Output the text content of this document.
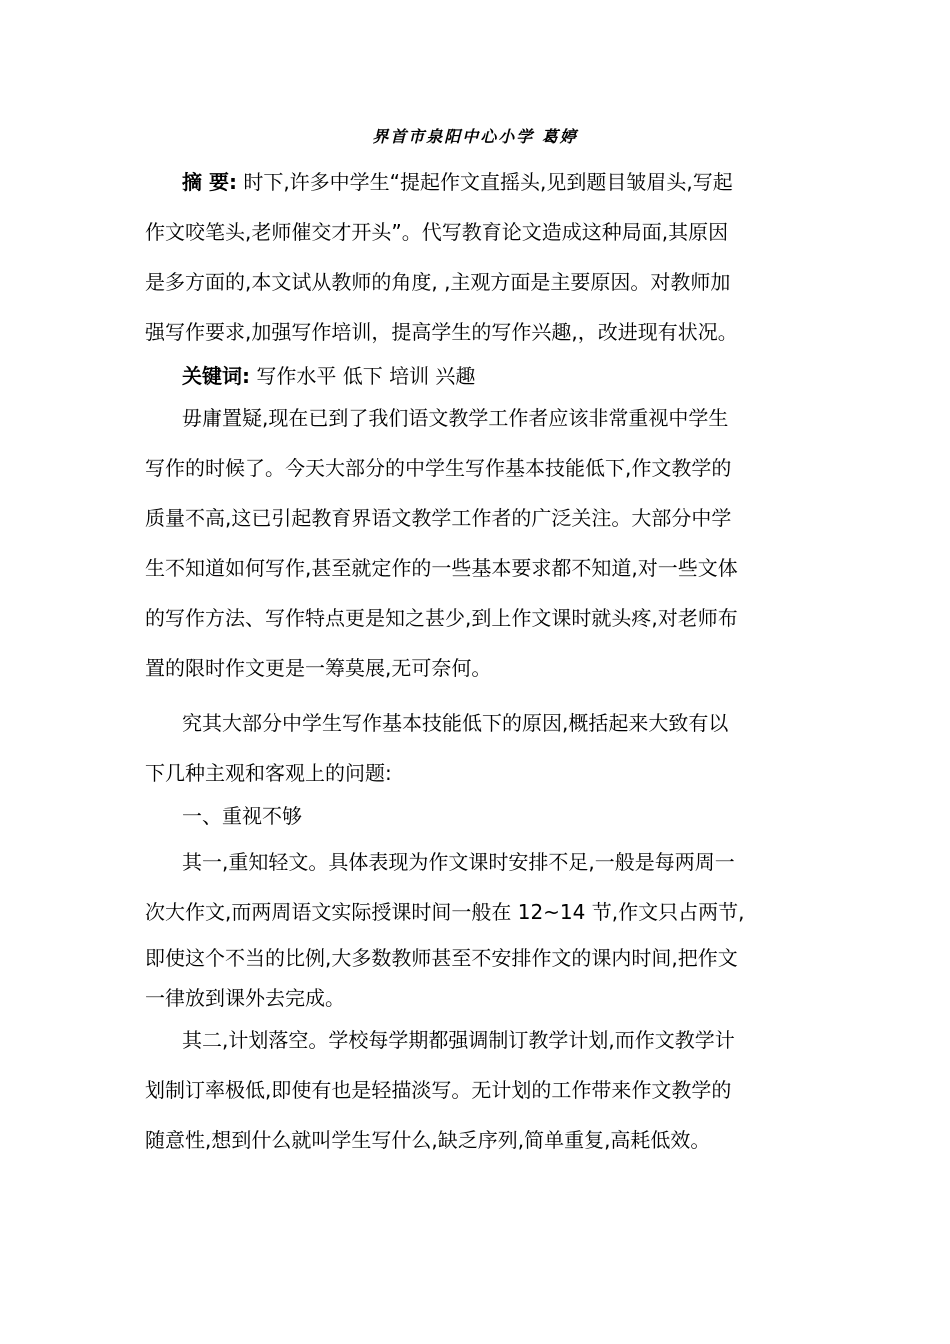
界首市泉阳中心小学 葛婷
摘 要: 时下,许多中学生“提起作文直摇头,见到题目皱眉头,写起
作文咬笔头,老师催交才开头”。代写教育论文造成这种局面,其原因
是多方面的,本文试从教师的角度, ,主观方面是主要原因。对教师加
强写作要求,加强写作培训，提高学生的写作兴趣,，改进现有状况。
关键词: 写作水平 低下 培训 兴趣
毋庸置疑,现在已到了我们语文教学工作者应该非常重视中学生
写作的时候了。今天大部分的中学生写作基本技能低下,作文教学的
质量不高,这已引起教育界语文教学工作者的广泛关注。大部分中学
生不知道如何写作,甚至就定作的一些基本要求都不知道,对一些文体
的写作方法、写作特点更是知之甚少,到上作文课时就头疼,对老师布
置的限时作文更是一筹莫展,无可奈何。
究其大部分中学生写作基本技能低下的原因,概括起来大致有以
下几种主观和客观上的问题:
一、重视不够
其一,重知轻文。具体表现为作文课时安排不足,一般是每两周一
次大作文,而两周语文实际授课时间一般在 12~14 节,作文只占两节,
即使这个不当的比例,大多数教师甚至不安排作文的课内时间,把作文
一律放到课外去完成。
其二,计划落空。学校每学期都强调制订教学计划,而作文教学计
划制订率极低,即使有也是轻描淡写。无计划的工作带来作文教学的
随意性,想到什么就叫学生写什么,缺乏序列,简单重复,高耗低效。
